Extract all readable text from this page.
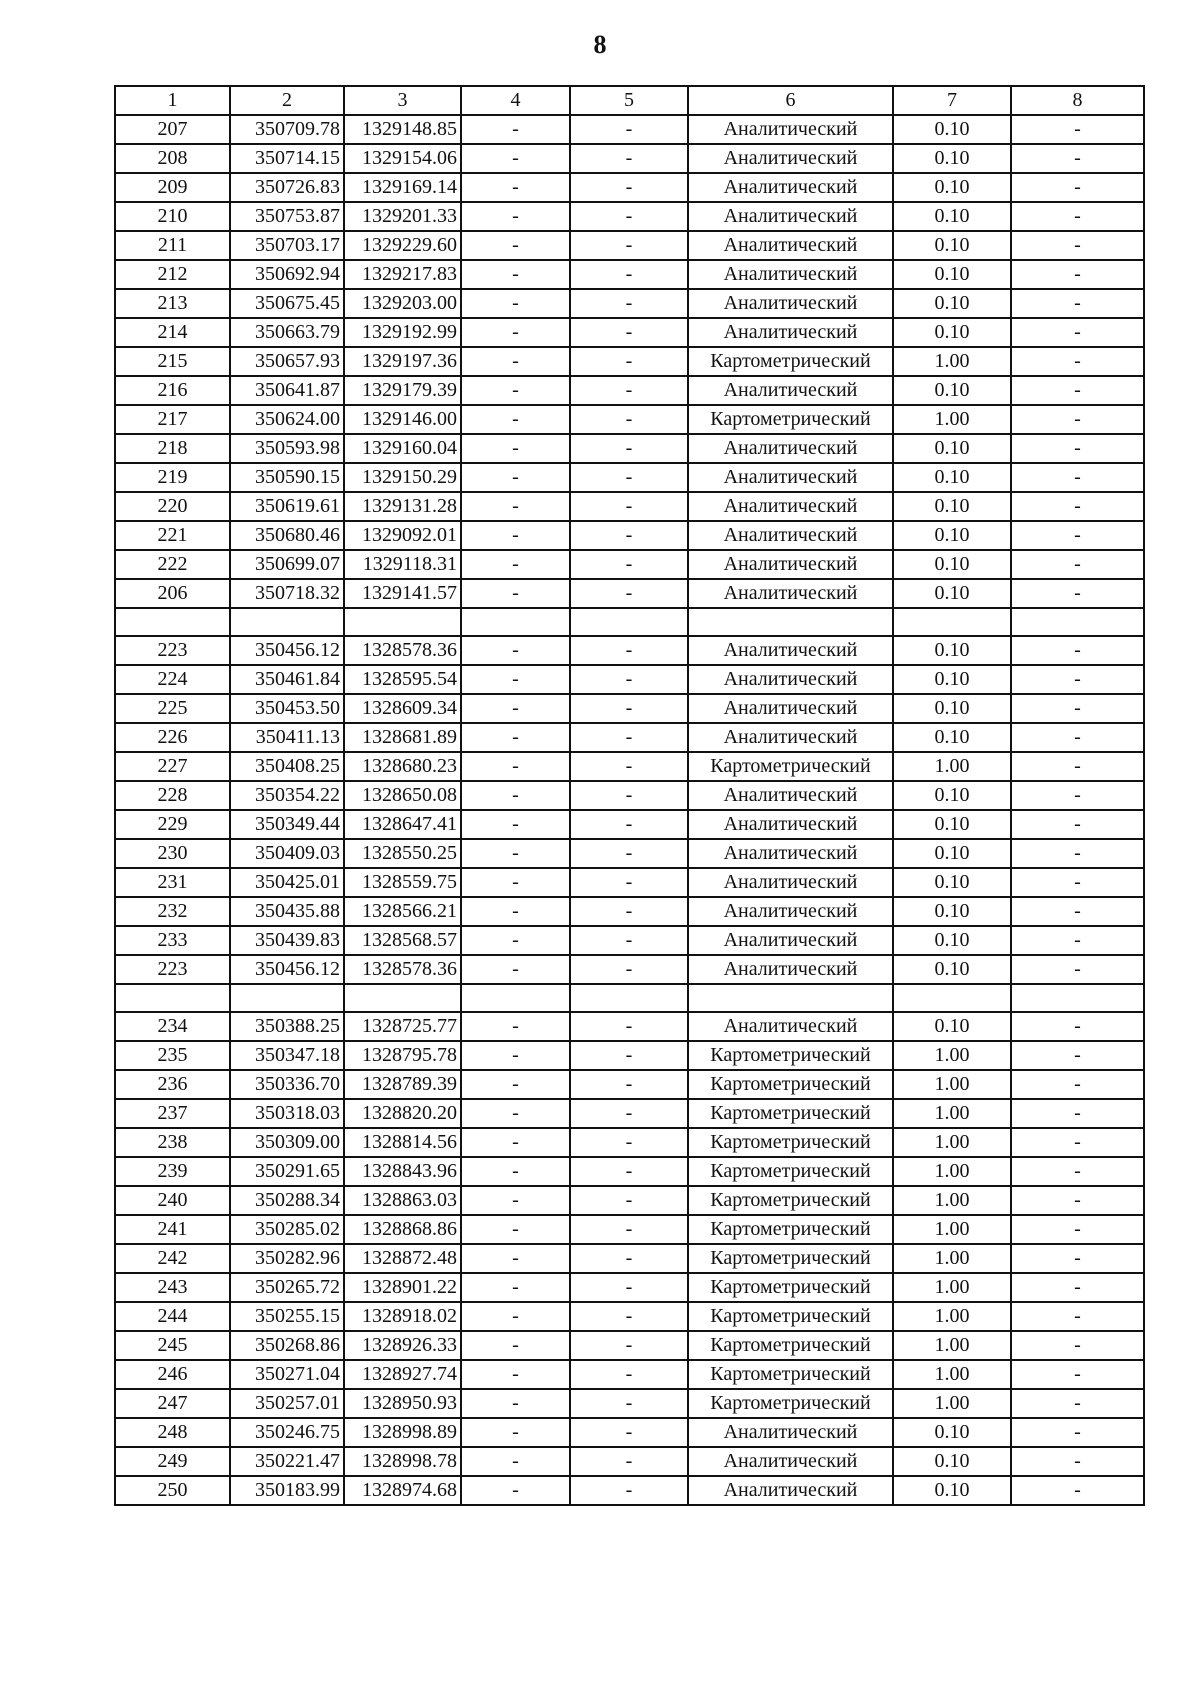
8
1	2	3	4	5	6	7	8
207	350709.78	1329148.85	-	-	Аналитический	0.10	-
208	350714.15	1329154.06	-	-	Аналитический	0.10	-
209	350726.83	1329169.14	-	-	Аналитический	0.10	-
210	350753.87	1329201.33	-	-	Аналитический	0.10	-
211	350703.17	1329229.60	-	-	Аналитический	0.10	-
212	350692.94	1329217.83	-	-	Аналитический	0.10	-
213	350675.45	1329203.00	-	-	Аналитический	0.10	-
214	350663.79	1329192.99	-	-	Аналитический	0.10	-
215	350657.93	1329197.36	-	-	Картометрический	1.00	-
216	350641.87	1329179.39	-	-	Аналитический	0.10	-
217	350624.00	1329146.00	-	-	Картометрический	1.00	-
218	350593.98	1329160.04	-	-	Аналитический	0.10	-
219	350590.15	1329150.29	-	-	Аналитический	0.10	-
220	350619.61	1329131.28	-	-	Аналитический	0.10	-
221	350680.46	1329092.01	-	-	Аналитический	0.10	-
222	350699.07	1329118.31	-	-	Аналитический	0.10	-
206	350718.32	1329141.57	-	-	Аналитический	0.10	-

223	350456.12	1328578.36	-	-	Аналитический	0.10	-
224	350461.84	1328595.54	-	-	Аналитический	0.10	-
225	350453.50	1328609.34	-	-	Аналитический	0.10	-
226	350411.13	1328681.89	-	-	Аналитический	0.10	-
227	350408.25	1328680.23	-	-	Картометрический	1.00	-
228	350354.22	1328650.08	-	-	Аналитический	0.10	-
229	350349.44	1328647.41	-	-	Аналитический	0.10	-
230	350409.03	1328550.25	-	-	Аналитический	0.10	-
231	350425.01	1328559.75	-	-	Аналитический	0.10	-
232	350435.88	1328566.21	-	-	Аналитический	0.10	-
233	350439.83	1328568.57	-	-	Аналитический	0.10	-
223	350456.12	1328578.36	-	-	Аналитический	0.10	-

234	350388.25	1328725.77	-	-	Аналитический	0.10	-
235	350347.18	1328795.78	-	-	Картометрический	1.00	-
236	350336.70	1328789.39	-	-	Картометрический	1.00	-
237	350318.03	1328820.20	-	-	Картометрический	1.00	-
238	350309.00	1328814.56	-	-	Картометрический	1.00	-
239	350291.65	1328843.96	-	-	Картометрический	1.00	-
240	350288.34	1328863.03	-	-	Картометрический	1.00	-
241	350285.02	1328868.86	-	-	Картометрический	1.00	-
242	350282.96	1328872.48	-	-	Картометрический	1.00	-
243	350265.72	1328901.22	-	-	Картометрический	1.00	-
244	350255.15	1328918.02	-	-	Картометрический	1.00	-
245	350268.86	1328926.33	-	-	Картометрический	1.00	-
246	350271.04	1328927.74	-	-	Картометрический	1.00	-
247	350257.01	1328950.93	-	-	Картометрический	1.00	-
248	350246.75	1328998.89	-	-	Аналитический	0.10	-
249	350221.47	1328998.78	-	-	Аналитический	0.10	-
250	350183.99	1328974.68	-	-	Аналитический	0.10	-
